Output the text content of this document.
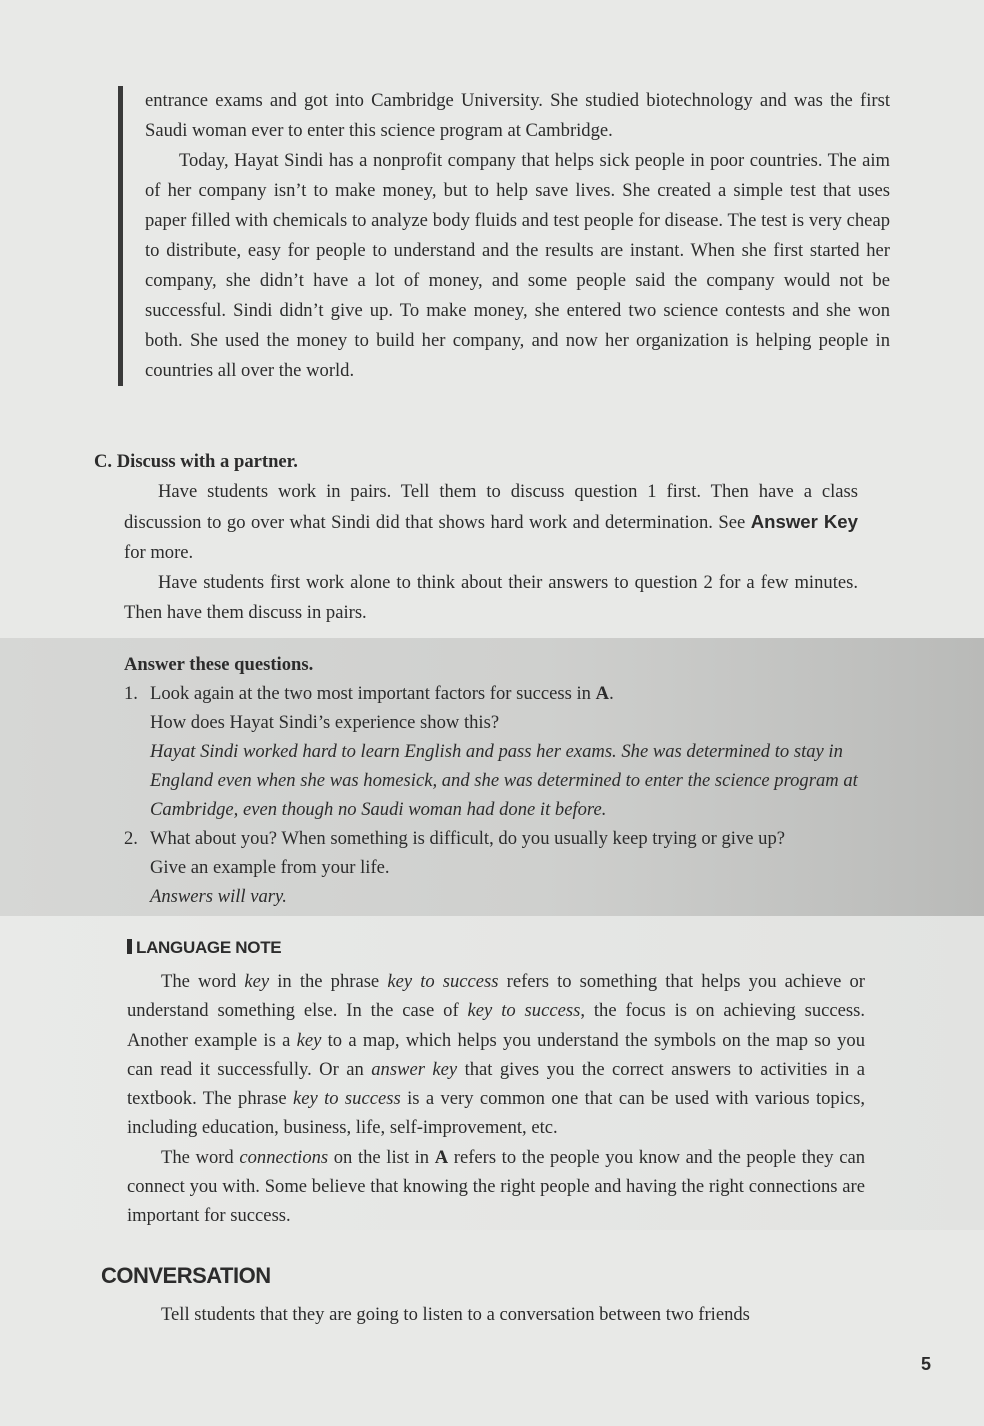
entrance exams and got into Cambridge University. She studied biotechnology and was the first Saudi woman ever to enter this science program at Cambridge.

Today, Hayat Sindi has a nonprofit company that helps sick people in poor countries. The aim of her company isn’t to make money, but to help save lives. She created a simple test that uses paper filled with chemicals to analyze body fluids and test people for disease. The test is very cheap to distribute, easy for people to understand and the results are instant. When she first started her company, she didn’t have a lot of money, and some people said the company would not be successful. Sindi didn’t give up. To make money, she entered two science contests and she won both. She used the money to build her company, and now her organization is helping people in countries all over the world.

C. Discuss with a partner.

Have students work in pairs. Tell them to discuss question 1 first. Then have a class discussion to go over what Sindi did that shows hard work and determination. See Answer Key for more.

Have students first work alone to think about their answers to question 2 for a few minutes. Then have them discuss in pairs.

Answer these questions.

1. Look again at the two most important factors for success in A.
How does Hayat Sindi’s experience show this?
Hayat Sindi worked hard to learn English and pass her exams. She was determined to stay in England even when she was homesick, and she was determined to enter the science program at Cambridge, even though no Saudi woman had done it before.
2. What about you? When something is difficult, do you usually keep trying or give up?
Give an example from your life.
Answers will vary.
LANGUAGE NOTE

The word key in the phrase key to success refers to something that helps you achieve or understand something else. In the case of key to success, the focus is on achieving success. Another example is a key to a map, which helps you understand the symbols on the map so you can read it successfully. Or an answer key that gives you the correct answers to activities in a textbook. The phrase key to success is a very common one that can be used with various topics, including education, business, life, self-improvement, etc.

The word connections on the list in A refers to the people you know and the people they can connect you with. Some believe that knowing the right people and having the right connections are important for success.

CONVERSATION

Tell students that they are going to listen to a conversation between two friends

5
